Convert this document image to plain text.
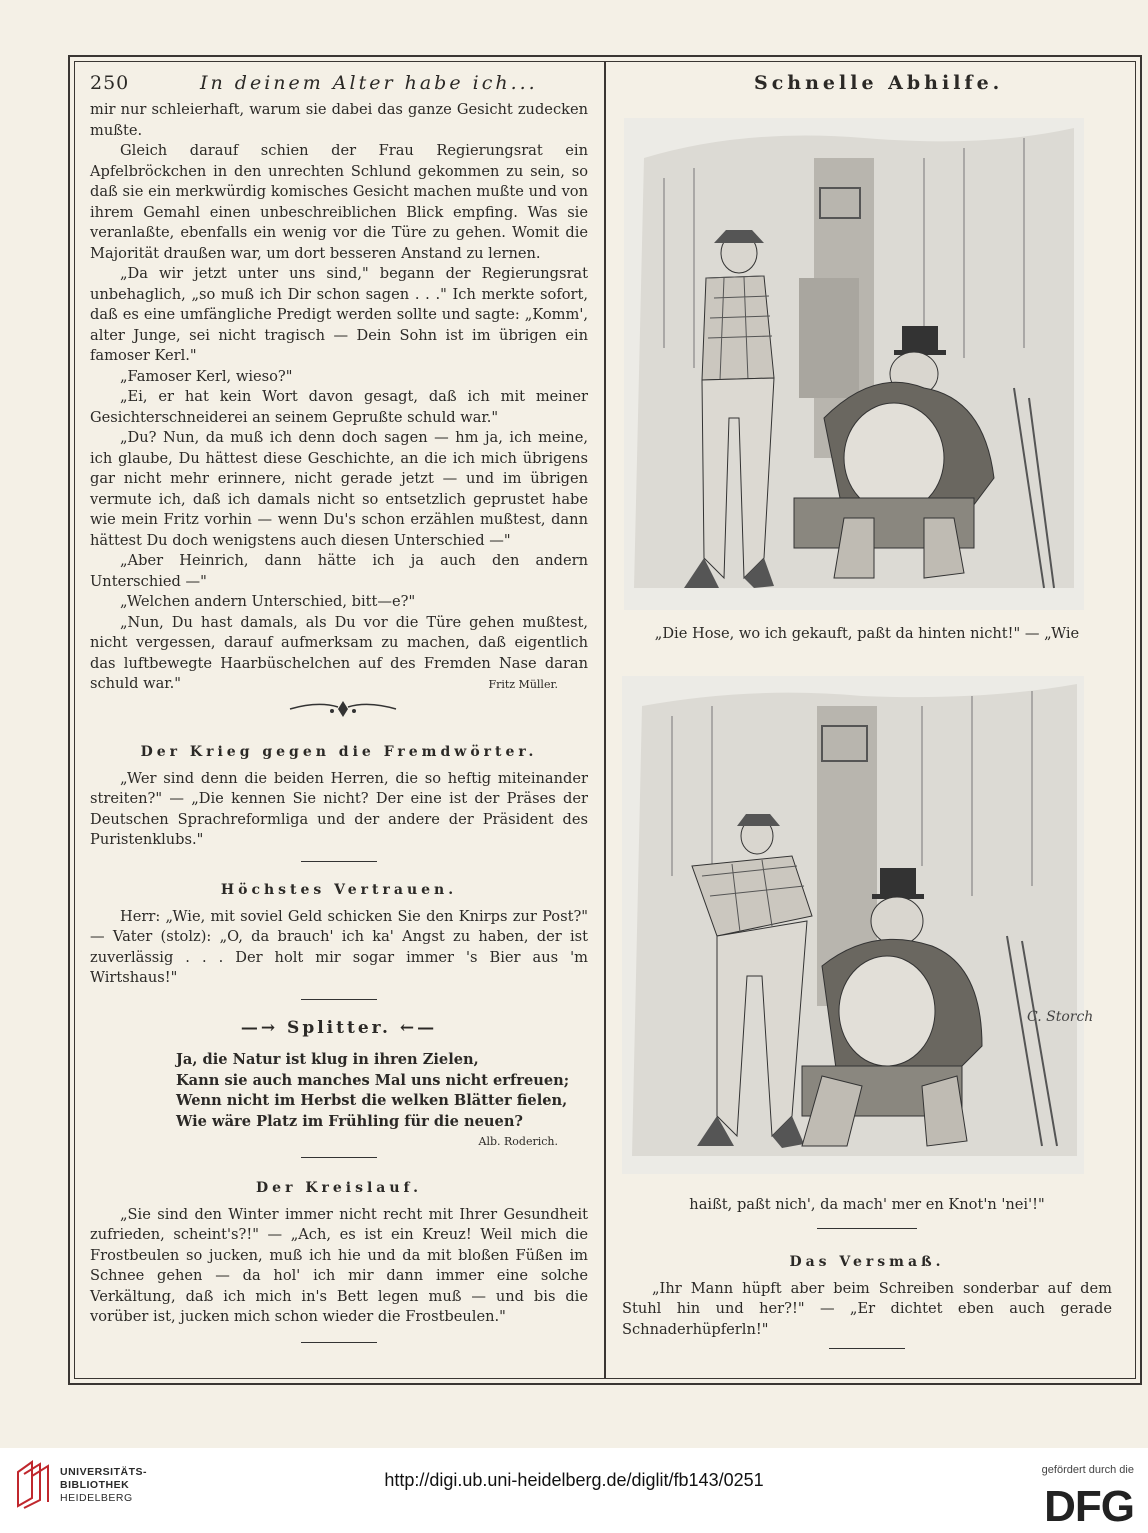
250	In deinem Alter habe ich...	Schnelle Abhilfe.

mir nur schleierhaft, warum sie dabei das ganze Gesicht zudecken mußte.

Gleich darauf schien der Frau Regierungsrat ein Apfelbröckchen in den unrechten Schlund gekommen zu sein, so daß sie ein merkwürdig komisches Gesicht machen mußte und von ihrem Gemahl einen unbeschreiblichen Blick empfing. Was sie veranlaßte, ebenfalls ein wenig vor die Türe zu gehen. Womit die Majorität draußen war, um dort besseren Anstand zu lernen.

„Da wir jetzt unter uns sind," begann der Regierungsrat unbehaglich, „so muß ich Dir schon sagen . . ." Ich merkte sofort, daß es eine umfängliche Predigt werden sollte und sagte: „Komm', alter Junge, sei nicht tragisch — Dein Sohn ist im übrigen ein famoser Kerl."

„Famoser Kerl, wieso?"

„Ei, er hat kein Wort davon gesagt, daß ich mit meiner Gesichterschneiderei an seinem Geprußte schuld war."

„Du? Nun, da muß ich denn doch sagen — hm ja, ich meine, ich glaube, Du hättest diese Geschichte, an die ich mich übrigens gar nicht mehr erinnere, nicht gerade jetzt — und im übrigen vermute ich, daß ich damals nicht so entsetzlich geprustet habe wie mein Fritz vorhin — wenn Du's schon erzählen mußtest, dann hättest Du doch wenigstens auch diesen Unterschied —"

„Aber Heinrich, dann hätte ich ja auch den andern Unterschied —"

„Welchen andern Unterschied, bitt—e?"

„Nun, Du hast damals, als Du vor die Türe gehen mußtest, nicht vergessen, darauf aufmerksam zu machen, daß eigentlich das luftbewegte Haarbüschelchen auf des Fremden Nase daran schuld war."	Fritz Müller.
Der Krieg gegen die Fremdwörter.

„Wer sind denn die beiden Herren, die so heftig miteinander streiten?" — „Die kennen Sie nicht? Der eine ist der Präses der Deutschen Sprachreformliga und der andere der Präsident des Puristenklubs."

Höchstes Vertrauen.

Herr: „Wie, mit soviel Geld schicken Sie den Knirps zur Post?" — Vater (stolz): „O, da brauch' ich ka' Angst zu haben, der ist zuverlässig . . . Der holt mir sogar immer 's Bier aus 'm Wirtshaus!"

—→ Splitter. ←—
Ja, die Natur ist klug in ihren Zielen,
Kann sie auch manches Mal uns nicht erfreuen;
Wenn nicht im Herbst die welken Blätter fielen,
Wie wäre Platz im Frühling für die neuen?
Alb. Roderich.
Der Kreislauf.

„Sie sind den Winter immer nicht recht mit Ihrer Gesundheit zufrieden, scheint's?!" — „Ach, es ist ein Kreuz! Weil mich die Frostbeulen so jucken, muß ich hie und da mit bloßen Füßen im Schnee gehen — da hol' ich mir dann immer eine solche Verkältung, daß ich mich in's Bett legen muß — und bis die vorüber ist, jucken mich schon wieder die Frostbeulen."

„Die Hose, wo ich gekauft, paßt da hinten nicht!" — „Wie
C. Storch
haißt, paßt nich', da mach' mer en Knot'n 'nei'!"
Das Versmaß.

„Ihr Mann hüpft aber beim Schreiben sonderbar auf dem Stuhl hin und her?!" — „Er dichtet eben auch gerade Schnaderhüpferln!"

UNIVERSITÄTS-
BIBLIOTHEK
HEIDELBERG
http://digi.ub.uni-heidelberg.de/diglit/fb143/0251	gefördert durch die
DFG
